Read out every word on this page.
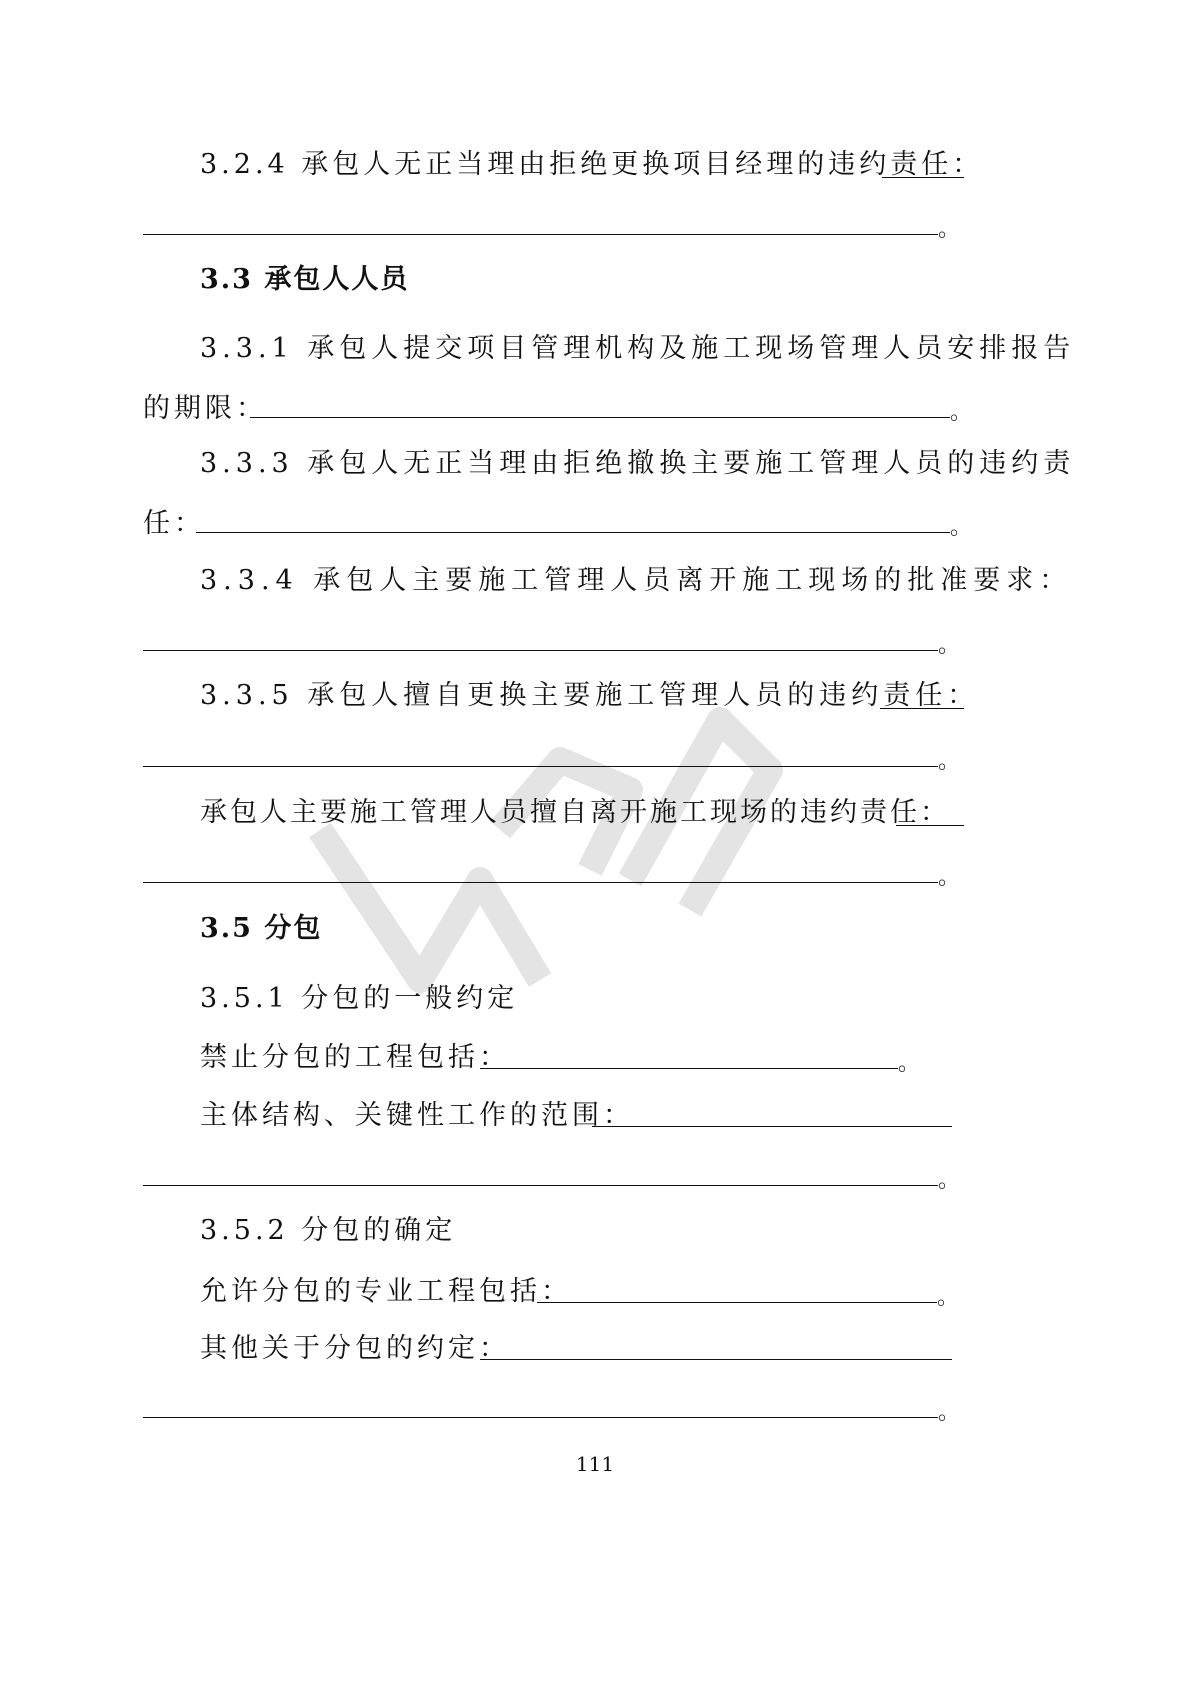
3.2.4 承包人无正当理由拒绝更换项目经理的违约责任：
。
3.3 承包人人员
3.3.1 承包人提交项目管理机构及施工现场管理人员安排报告
的期限：	。
3.3.3 承包人无正当理由拒绝撤换主要施工管理人员的违约责
任：	。
3.3.4 承包人主要施工管理人员离开施工现场的批准要求：
。
3.3.5 承包人擅自更换主要施工管理人员的违约责任：
。
承包人主要施工管理人员擅自离开施工现场的违约责任：
。
3.5 分包
3.5.1 分包的一般约定
禁止分包的工程包括：	。
主体结构、关键性工作的范围：
。
3.5.2 分包的确定
允许分包的专业工程包括：	。
其他关于分包的约定：
。
111
